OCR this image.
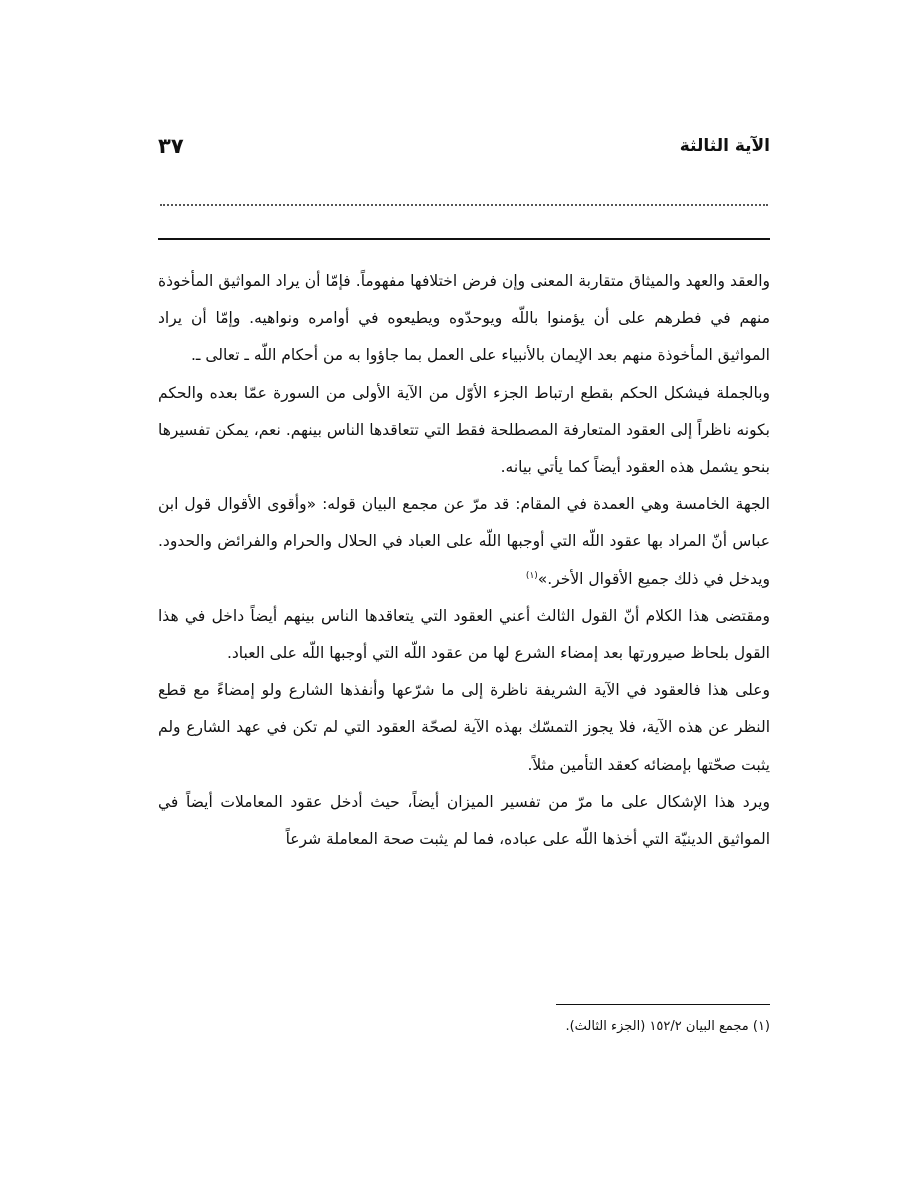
الآية الثالثة
٣٧

والعقد والعهد والميثاق متقاربة المعنى وإن فرض اختلافها مفهوماً. فإمّا أن يراد المواثيق المأخوذة منهم في فطرهم على أن يؤمنوا باللّه ويوحدّوه ويطيعوه في أوامره ونواهيه. وإمّا أن يراد المواثيق المأخوذة منهم بعد الإيمان بالأنبياء على العمل بما جاؤوا به من أحكام اللّه ـ تعالى ـ.

وبالجملة فيشكل الحكم بقطع ارتباط الجزء الأوّل من الآية الأولى من السورة عمّا بعده والحكم بكونه ناظراً إلى العقود المتعارفة المصطلحة فقط التي تتعاقدها الناس بينهم. نعم، يمكن تفسيرها بنحو يشمل هذه العقود أيضاً كما يأتي بيانه.

الجهة الخامسة وهي العمدة في المقام: قد مرّ عن مجمع البيان قوله: «وأقوى الأقوال قول ابن عباس أنّ المراد بها عقود اللّه التي أوجبها اللّه على العباد في الحلال والحرام والفرائض والحدود. ويدخل في ذلك جميع الأقوال الأخر.»$^{(١)}$

ومقتضى هذا الكلام أنّ القول الثالث أعني العقود التي يتعاقدها الناس بينهم أيضاً داخل في هذا القول بلحاظ صيرورتها بعد إمضاء الشرع لها من عقود اللّه التي أوجبها اللّه على العباد.

وعلى هذا فالعقود في الآية الشريفة ناظرة إلى ما شرّعها وأنفذها الشارع ولو إمضاءً مع قطع النظر عن هذه الآية، فلا يجوز التمسّك بهذه الآية لصحّة العقود التي لم تكن في عهد الشارع ولم يثبت صحّتها بإمضائه كعقد التأمين مثلاً.

ويرد هذا الإشكال على ما مرّ من تفسير الميزان أيضاً، حيث أدخل عقود المعاملات أيضاً في المواثيق الدينيّة التي أخذها اللّه على عباده، فما لم يثبت صحة المعاملة شرعاً

(١) مجمع البيان ١٥٢/٢ (الجزء الثالث).
